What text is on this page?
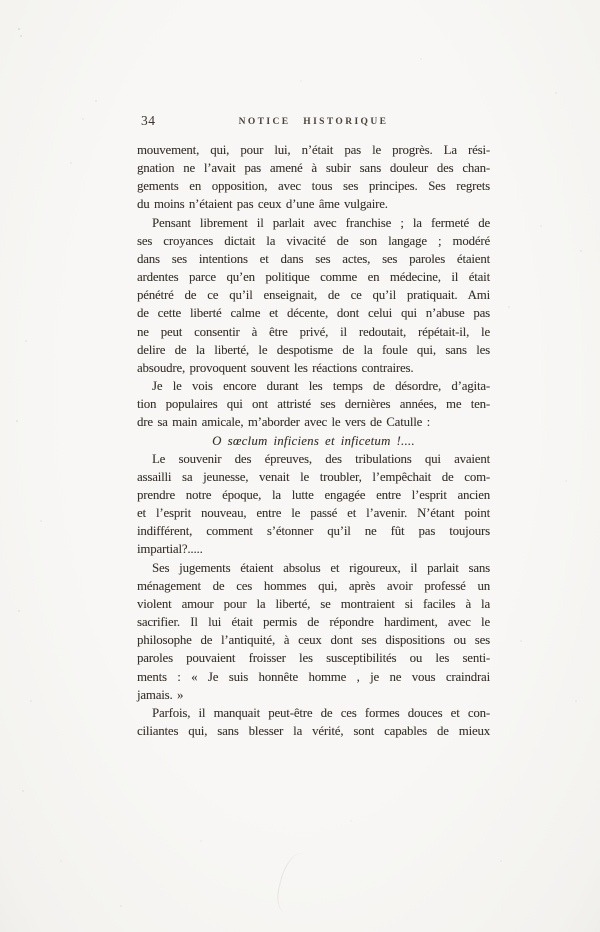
34	NOTICE HISTORIQUE
mouvement, qui, pour lui, n’était pas le progrès. La rési-
gnation ne l’avait pas amené à subir sans douleur des chan-
gements en opposition, avec tous ses principes. Ses regrets
du moins n’étaient pas ceux d’une âme vulgaire.
Pensant librement il parlait avec franchise ; la fermeté de
ses croyances dictait la vivacité de son langage ; modéré
dans ses intentions et dans ses actes, ses paroles étaient
ardentes parce qu’en politique comme en médecine, il était
pénétré de ce qu’il enseignait, de ce qu’il pratiquait. Ami
de cette liberté calme et décente, dont celui qui n’abuse pas
ne peut consentir à être privé, il redoutait, répétait-il, le
delire de la liberté, le despotisme de la foule qui, sans les
absoudre, provoquent souvent les réactions contraires.
Je le vois encore durant les temps de désordre, d’agita-
tion populaires qui ont attristé ses dernières années, me ten-
dre sa main amicale, m’aborder avec le vers de Catulle :
O sœclum inficiens et inficetum !....
Le souvenir des épreuves, des tribulations qui avaient
assailli sa jeunesse, venait le troubler, l’empêchait de com-
prendre notre époque, la lutte engagée entre l’esprit ancien
et l’esprit nouveau, entre le passé et l’avenir. N’étant point
indifférent, comment s’étonner qu’il ne fût pas toujours
impartial?.....
Ses jugements étaient absolus et rigoureux, il parlait sans
ménagement de ces hommes qui, après avoir professé un
violent amour pour la liberté, se montraient si faciles à la
sacrifier. Il lui était permis de répondre hardiment, avec le
philosophe de l’antiquité, à ceux dont ses dispositions ou ses
paroles pouvaient froisser les susceptibilités ou les senti-
ments : « Je suis honnête homme , je ne vous craindrai
jamais. »
Parfois, il manquait peut-être de ces formes douces et con-
ciliantes qui, sans blesser la vérité, sont capables de mieux
